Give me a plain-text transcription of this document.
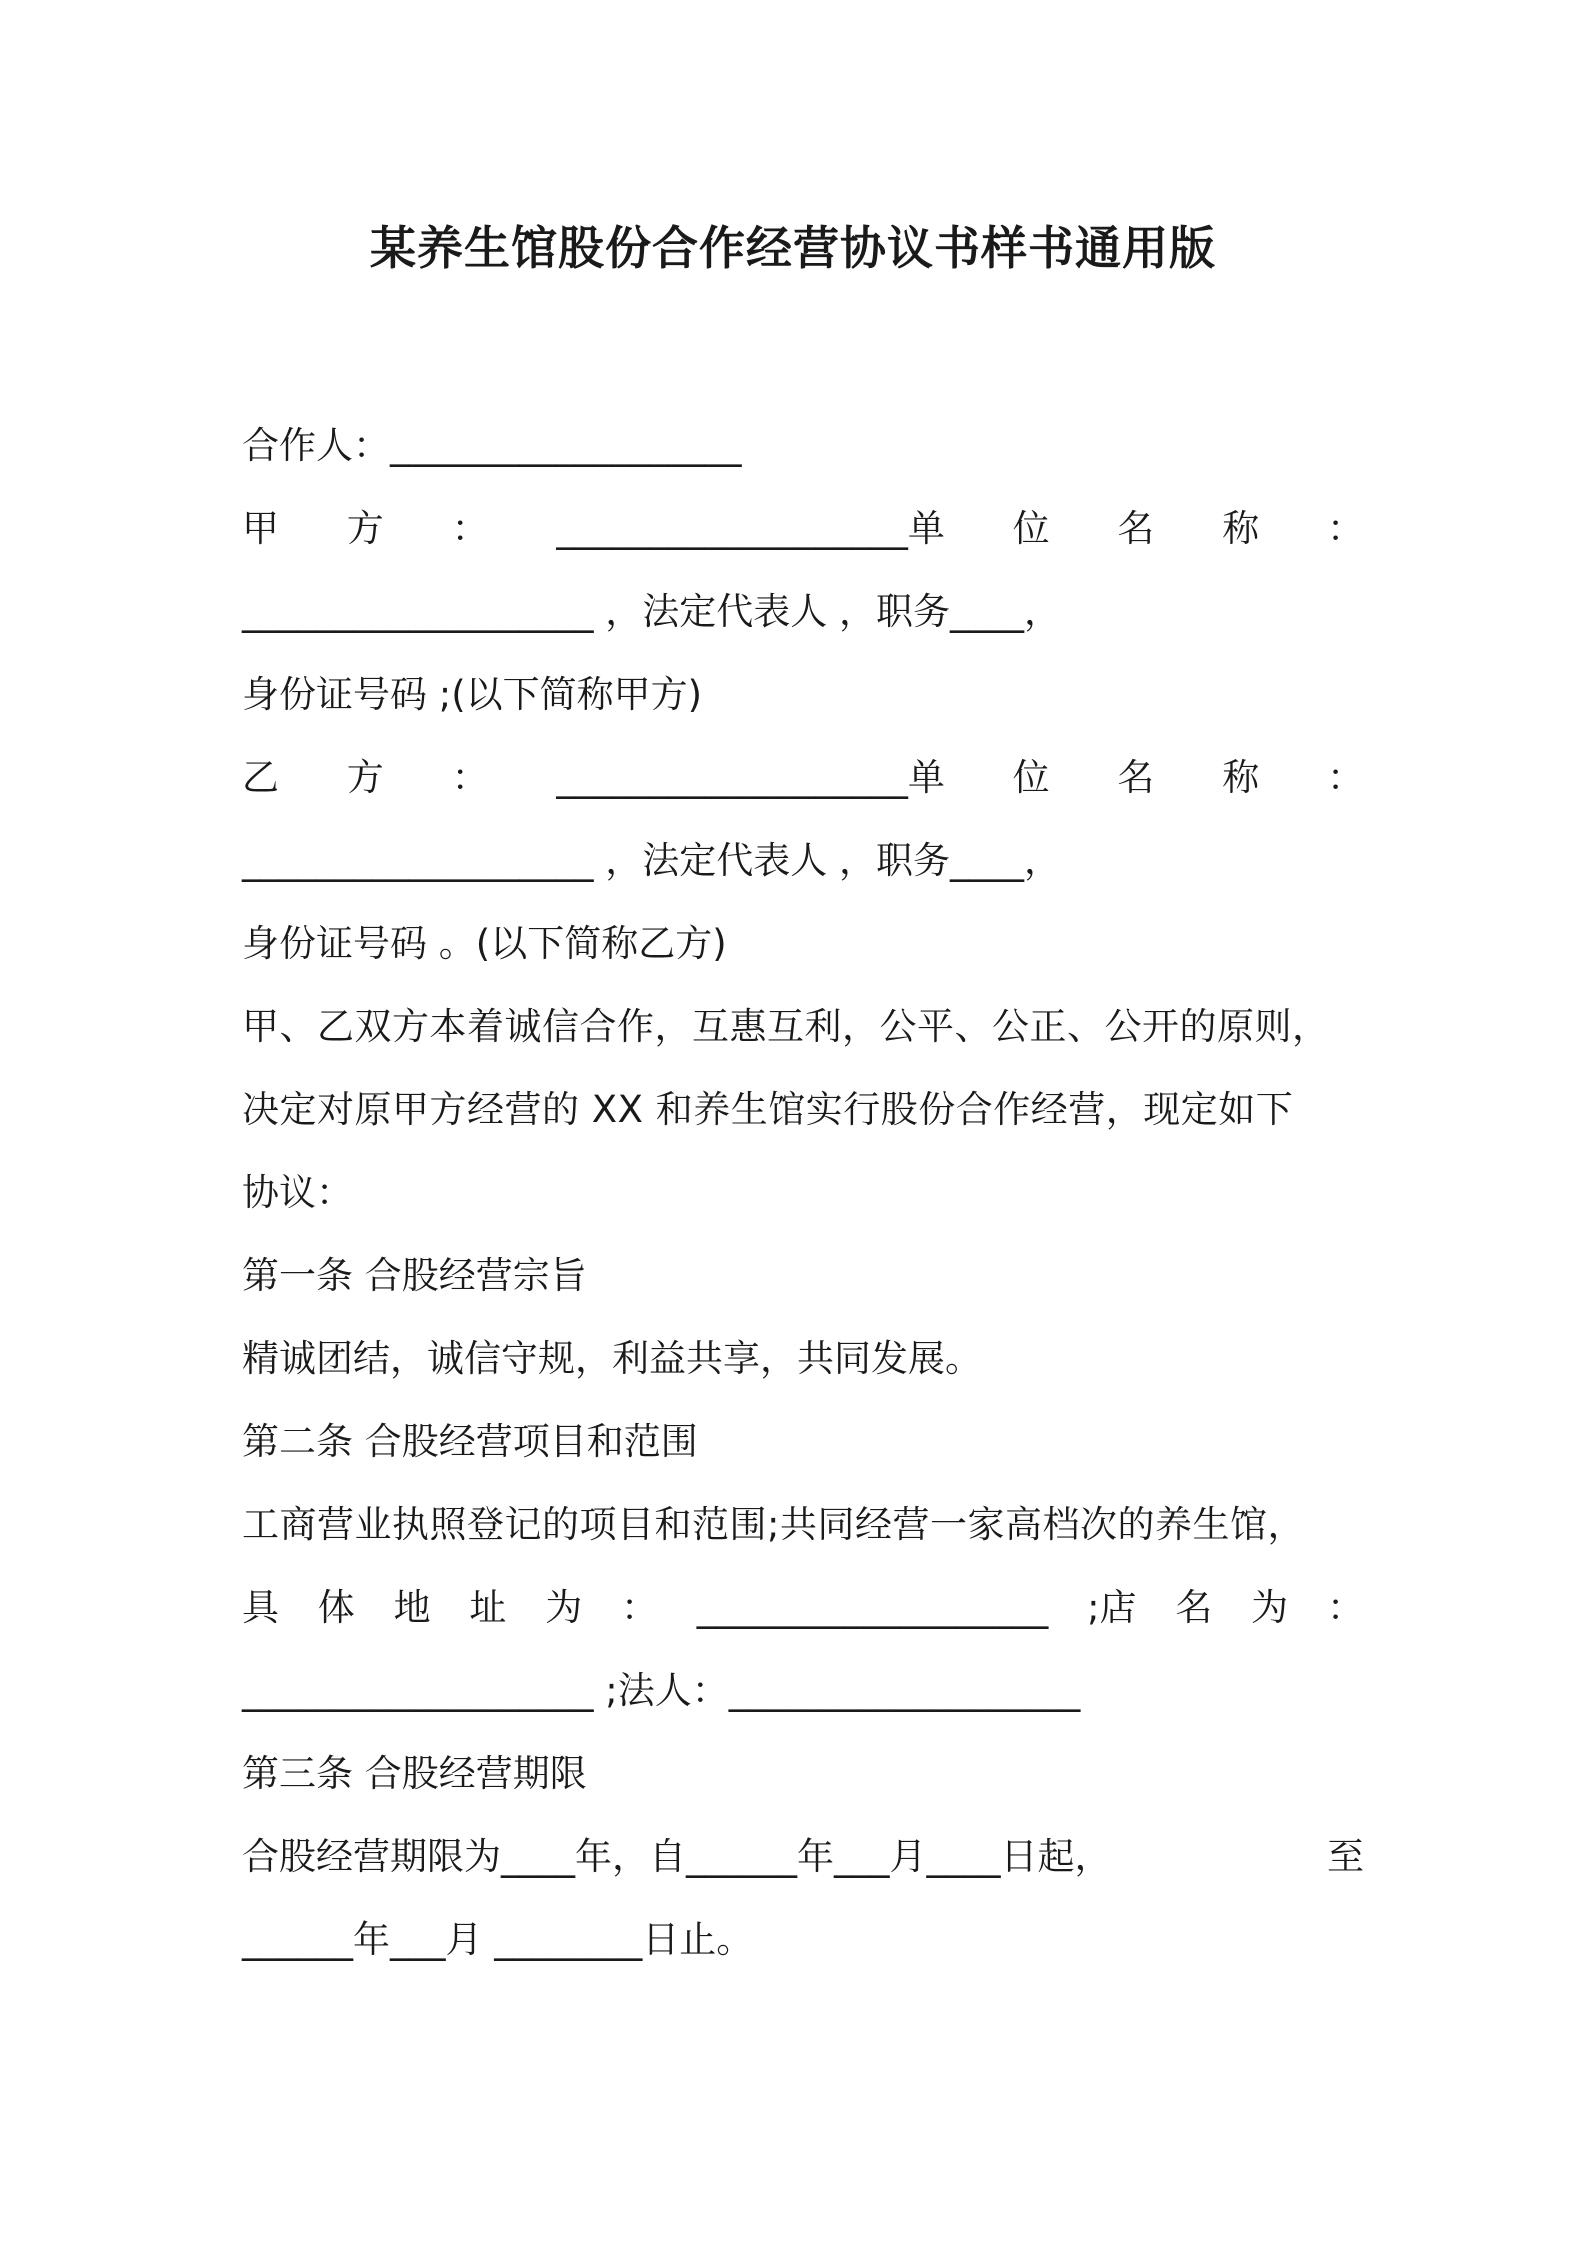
某养生馆股份合作经营协议书样书通用版
合作人：___________________
甲 方 ： ___________________单 位 名 称 ：
___________________ ，法定代表人 ，职务____，
身份证号码 ;(以下简称甲方)
乙 方 ： ___________________单 位 名 称 ：
___________________ ，法定代表人 ，职务____，
身份证号码 。(以下简称乙方)
甲、乙双方本着诚信合作，互惠互利，公平、公正、公开的原则，
决定对原甲方经营的 XX 和养生馆实行股份合作经营，现定如下
协议：
第一条 合股经营宗旨
精诚团结，诚信守规，利益共享，共同发展。
第二条 合股经营项目和范围
工商营业执照登记的项目和范围;共同经营一家高档次的养生馆，
具 体 地 址 为 ： ___________________ ;店 名 为 ：
___________________ ;法人：___________________
第三条 合股经营期限
合股经营期限为____年，自______年___月____日起，	至
______年___月 ________日止。
